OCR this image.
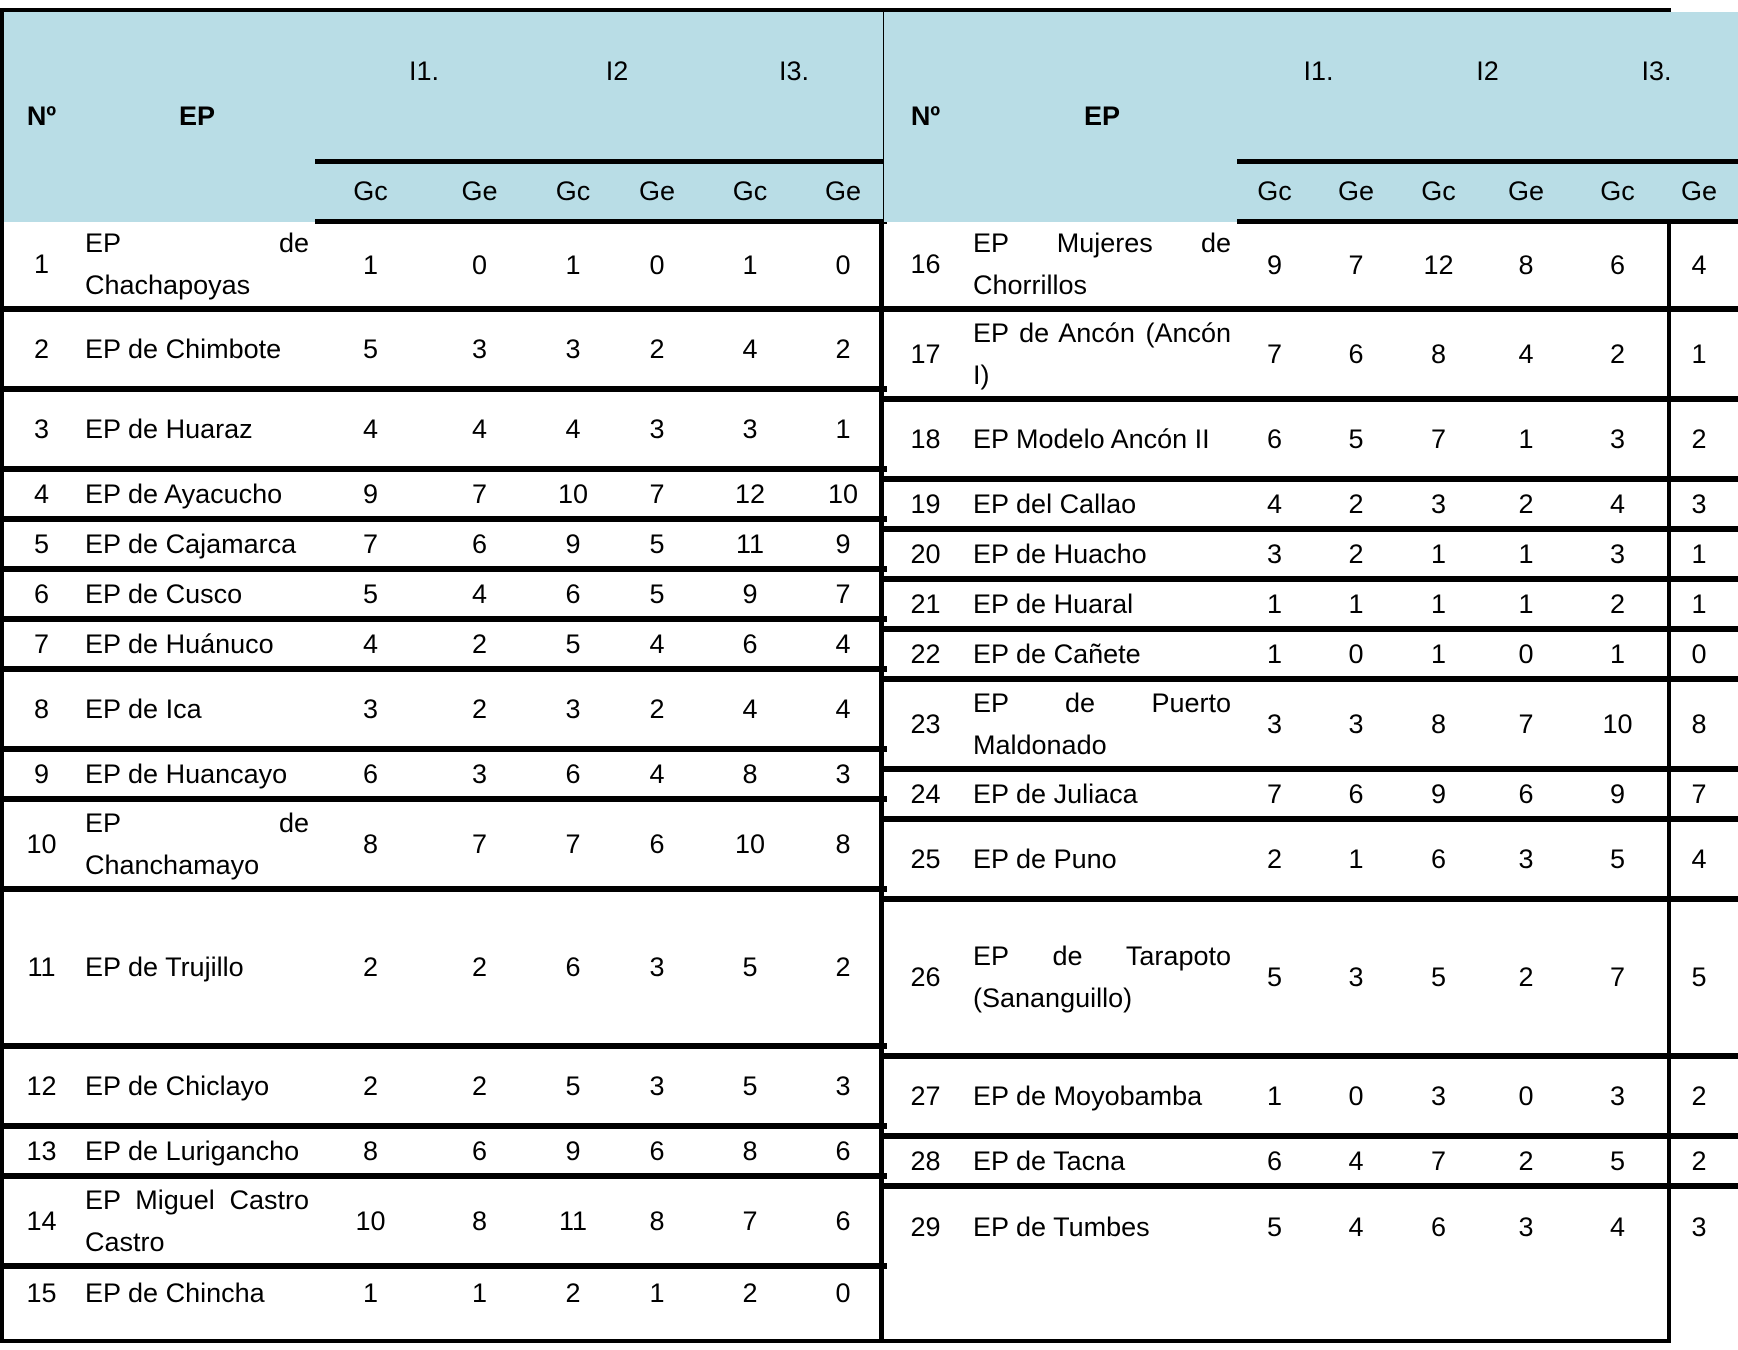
Nº	EP	I1.		I2		I3.	
		Gc	Ge	Gc	Ge	Gc	Ge
1	EP de Chachapoyas	1	0	1	0	1	0
2	EP de Chimbote	5	3	3	2	4	2
3	EP de Huaraz	4	4	4	3	3	1
4	EP de Ayacucho	9	7	10	7	12	10
5	EP de Cajamarca	7	6	9	5	11	9
6	EP de Cusco	5	4	6	5	9	7
7	EP de Huánuco	4	2	5	4	6	4
8	EP de Ica	3	2	3	2	4	4
9	EP de Huancayo	6	3	6	4	8	3
10	EP de Chanchamayo	8	7	7	6	10	8
11	EP de Trujillo	2	2	6	3	5	2
12	EP de Chiclayo	2	2	5	3	5	3
13	EP de Lurigancho	8	6	9	6	8	6
14	EP Miguel Castro Castro	10	8	11	8	7	6
15	EP de Chincha	1	1	2	1	2	0
Nº	EP	I1.		I2		I3.	
		Gc	Ge	Gc	Ge	Gc	Ge
16	EP Mujeres de Chorrillos	9	7	12	8	6	4
17	EP de Ancón (Ancón I)	7	6	8	4	2	1
18	EP Modelo Ancón II	6	5	7	1	3	2
19	EP del Callao	4	2	3	2	4	3
20	EP de Huacho	3	2	1	1	3	1
21	EP de Huaral	1	1	1	1	2	1
22	EP de Cañete	1	0	1	0	1	0
23	EP de Puerto Maldonado	3	3	8	7	10	8
24	EP de Juliaca	7	6	9	6	9	7
25	EP de Puno	2	1	6	3	5	4
26	EP de Tarapoto (Sananguillo)	5	3	5	2	7	5
27	EP de Moyobamba	1	0	3	0	3	2
28	EP de Tacna	6	4	7	2	5	2
29	EP de Tumbes	5	4	6	3	4	3
